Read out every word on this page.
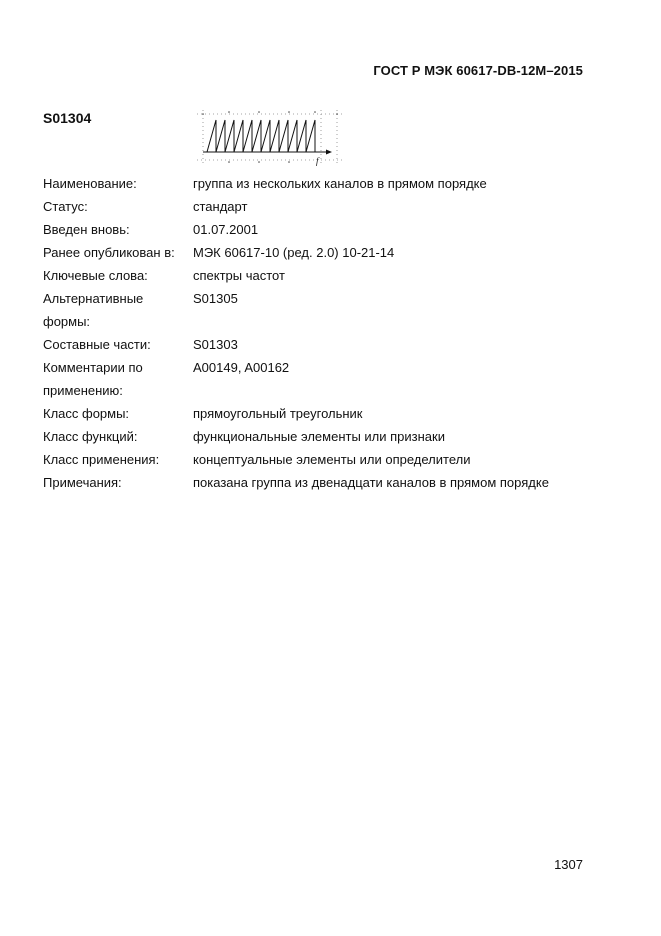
ГОСТ Р МЭК 60617-DB-12M–2015
S01304
f
Наименование:	группа из нескольких каналов в прямом порядке
Статус:	стандарт
Введен вновь:	01.07.2001
Ранее опубликован в:	МЭК 60617-10 (ред. 2.0) 10-21-14
Ключевые слова:	спектры частот
Альтернативные формы:
S01305
Составные части:	S01303
Комментарии по применению:
A00149, A00162
Класс формы:	прямоугольный треугольник
Класс функций:	функциональные элементы или признаки
Класс применения:	концептуальные элементы или определители
Примечания:	показана группа из двенадцати каналов в прямом порядке
1307
